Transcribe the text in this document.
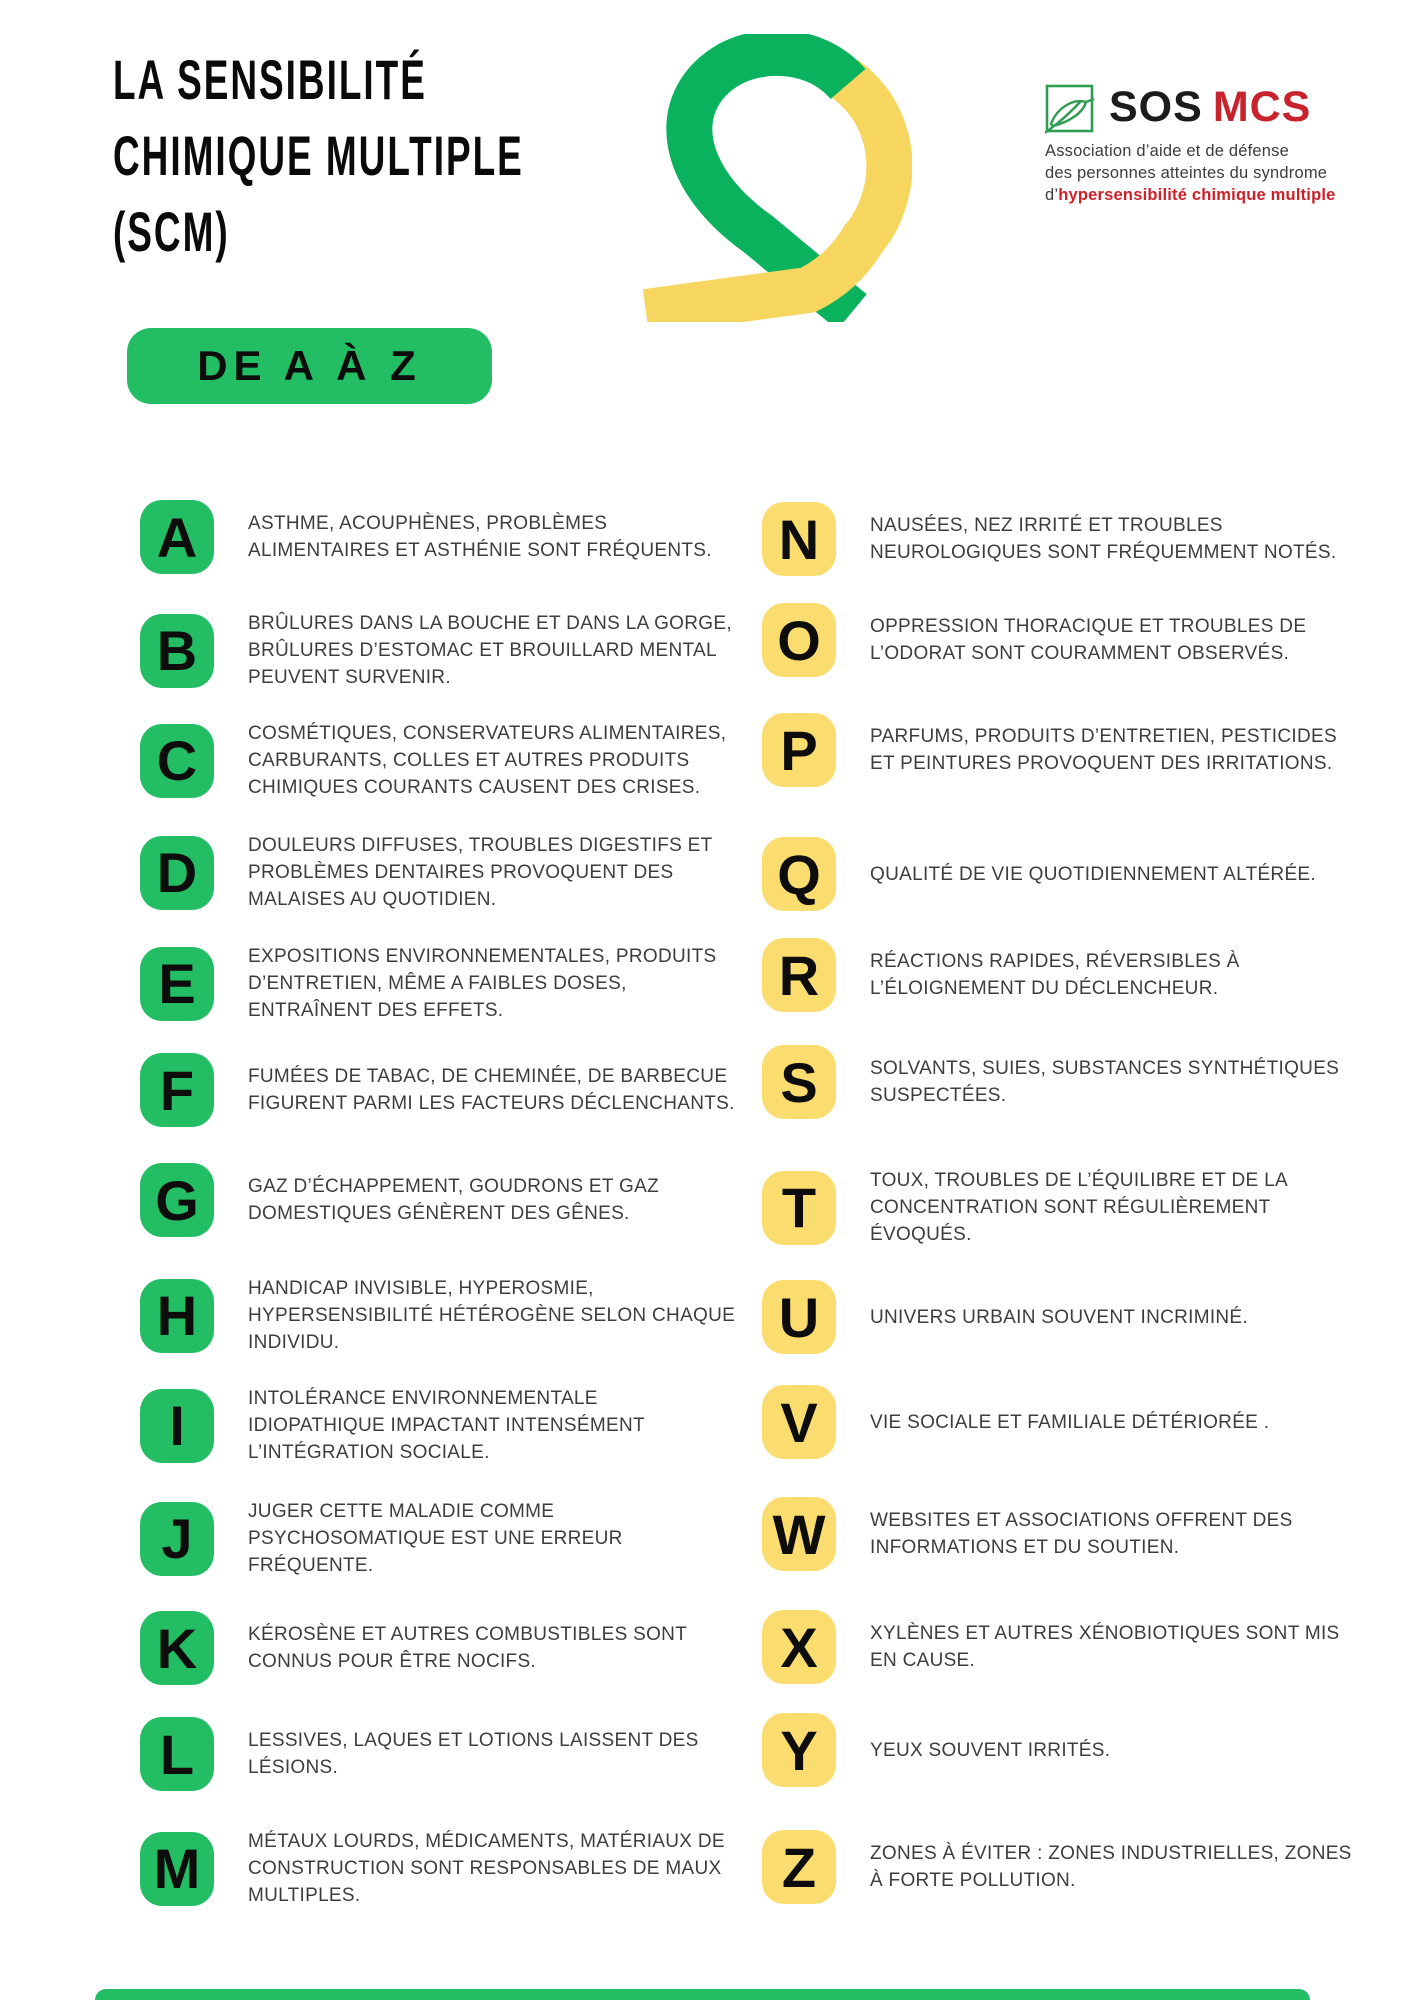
LA SENSIBILITÉ
CHIMIQUE MULTIPLE
(SCM)
SOS MCS
Association d’aide et de défense
des personnes atteintes du syndrome
d’hypersensibilité chimique multiple
DE A À Z
A	ASTHME, ACOUPHÈNES, PROBLÈMES
ALIMENTAIRES ET ASTHÉNIE SONT FRÉQUENTS.
B	BRÛLURES DANS LA BOUCHE ET DANS LA GORGE,
BRÛLURES D’ESTOMAC ET BROUILLARD MENTAL
PEUVENT SURVENIR.
C	COSMÉTIQUES, CONSERVATEURS ALIMENTAIRES,
CARBURANTS, COLLES ET AUTRES PRODUITS
CHIMIQUES COURANTS CAUSENT DES CRISES.
D	DOULEURS DIFFUSES, TROUBLES DIGESTIFS ET
PROBLÈMES DENTAIRES PROVOQUENT DES
MALAISES AU QUOTIDIEN.
E	EXPOSITIONS ENVIRONNEMENTALES, PRODUITS
D’ENTRETIEN, MÊME A FAIBLES DOSES,
ENTRAÎNENT DES EFFETS.
F	FUMÉES DE TABAC, DE CHEMINÉE, DE BARBECUE
FIGURENT PARMI LES FACTEURS DÉCLENCHANTS.
G	GAZ D’ÉCHAPPEMENT, GOUDRONS ET GAZ
DOMESTIQUES GÉNÈRENT DES GÊNES.
H	HANDICAP INVISIBLE, HYPEROSMIE,
HYPERSENSIBILITÉ HÉTÉROGÈNE SELON CHAQUE
INDIVIDU.
I	INTOLÉRANCE ENVIRONNEMENTALE
IDIOPATHIQUE IMPACTANT INTENSÉMENT
L’INTÉGRATION SOCIALE.
J	JUGER CETTE MALADIE COMME
PSYCHOSOMATIQUE EST UNE ERREUR
FRÉQUENTE.
K	KÉROSÈNE ET AUTRES COMBUSTIBLES SONT
CONNUS POUR ÊTRE NOCIFS.
L	LESSIVES, LAQUES ET LOTIONS LAISSENT DES
LÉSIONS.
M	MÉTAUX LOURDS, MÉDICAMENTS, MATÉRIAUX DE
CONSTRUCTION SONT RESPONSABLES DE MAUX
MULTIPLES.
N	NAUSÉES, NEZ IRRITÉ ET TROUBLES
NEUROLOGIQUES SONT FRÉQUEMMENT NOTÉS.
O	OPPRESSION THORACIQUE ET TROUBLES DE
L’ODORAT SONT COURAMMENT OBSERVÉS.
P	PARFUMS, PRODUITS D’ENTRETIEN, PESTICIDES
ET PEINTURES PROVOQUENT DES IRRITATIONS.
Q	QUALITÉ DE VIE QUOTIDIENNEMENT ALTÉRÉE.
R	RÉACTIONS RAPIDES, RÉVERSIBLES À
L’ÉLOIGNEMENT DU DÉCLENCHEUR.
S	SOLVANTS, SUIES, SUBSTANCES SYNTHÉTIQUES
SUSPECTÉES.
T	TOUX, TROUBLES DE L’ÉQUILIBRE ET DE LA
CONCENTRATION SONT RÉGULIÈREMENT
ÉVOQUÉS.
U	UNIVERS URBAIN SOUVENT INCRIMINÉ.
V	VIE SOCIALE ET FAMILIALE DÉTÉRIORÉE .
W	WEBSITES ET ASSOCIATIONS OFFRENT DES
INFORMATIONS ET DU SOUTIEN.
X	XYLÈNES ET AUTRES XÉNOBIOTIQUES SONT MIS
EN CAUSE.
Y	YEUX SOUVENT IRRITÉS.
Z	ZONES À ÉVITER : ZONES INDUSTRIELLES, ZONES
À FORTE POLLUTION.
